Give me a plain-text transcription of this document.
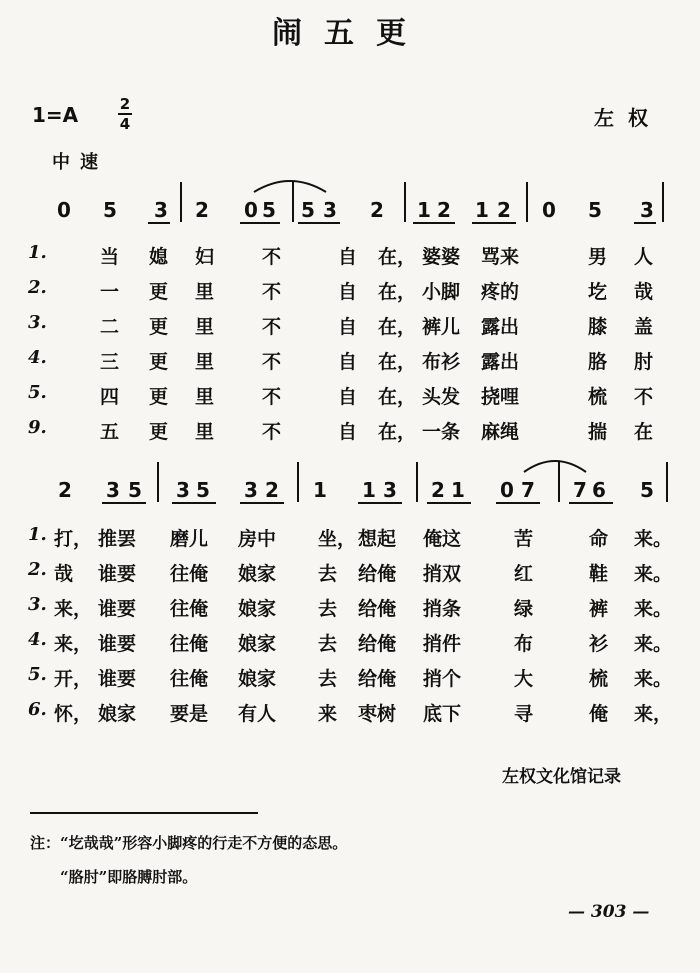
闹五更
1=A	2
4	左权
中速
0 5 3 2 0 5 5 3 2 1 2 1 2 0 5 3
1.	当 媳 妇	不	自 在， 婆婆 骂来	男 人
2.	一 更 里	不	自 在， 小脚 疼的	圪 哉
3.	二 更 里	不	自 在， 裤儿 露出	膝 盖
4.	三 更 里	不	自 在， 布衫 露出	胳 肘
5.	四 更 里	不	自 在， 头发 挠哩	梳 不
9.	五 更 里	不	自 在， 一条 麻绳	揣 在
2 3 5 3 5 3 2 1 1 3 2 1 0 7 7 6 5
1. 打， 推罢 磨儿 房中 坐， 想起 俺这	苦	命 来。
2. 哉 谁要 往俺 娘家 去 给俺 捎双	红	鞋 来。
3. 来， 谁要 往俺 娘家 去 给俺 捎条	绿	裤 来。
4. 来， 谁要 往俺 娘家 去 给俺 捎件	布	衫 来。
5. 开， 谁要 往俺 娘家 去 给俺 捎个	大	梳 来。
6. 怀， 娘家 要是 有人 来 枣树 底下	寻	俺 来，
左权文化馆记录
注：“圪哉哉”形容小脚疼的行走不方便的态思。
“胳肘”即胳膊肘部。
— 303 —
